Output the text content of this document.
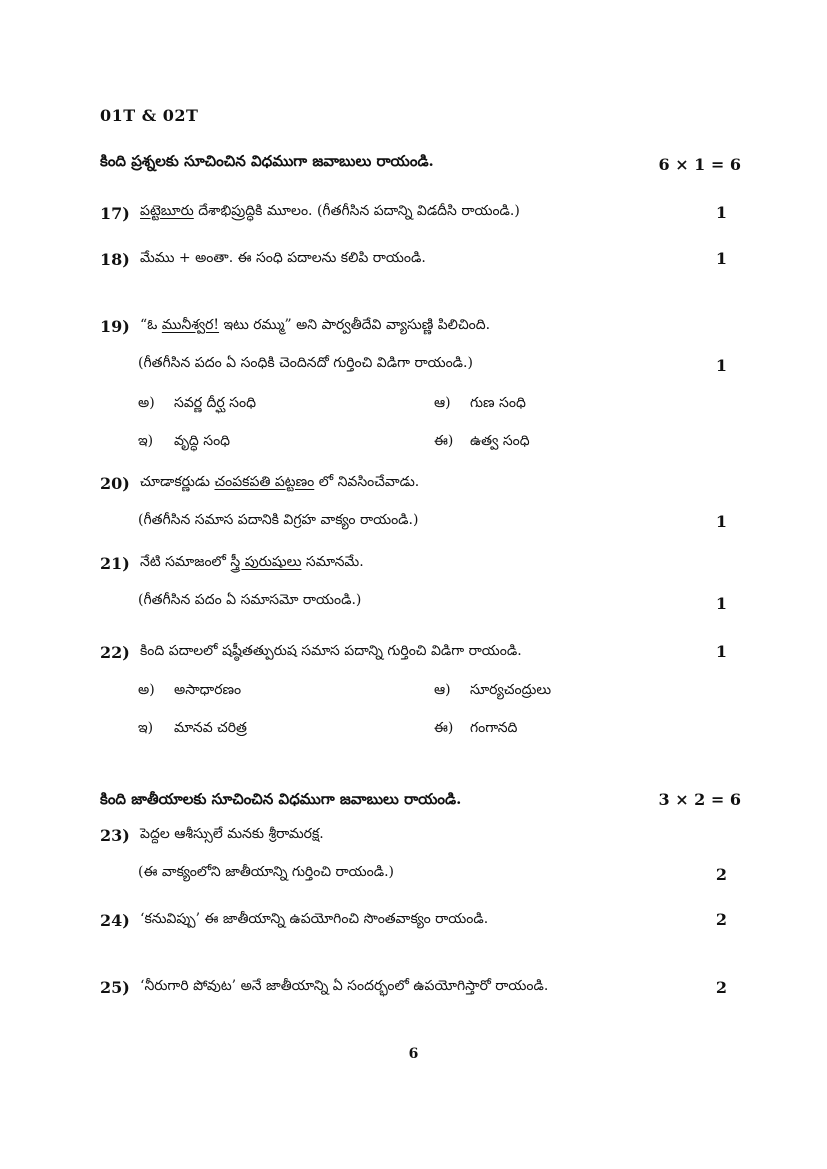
01T & 02T
కింది ప్రశ్నలకు సూచించిన విధముగా జవాబులు రాయండి.	6 × 1 = 6
17) పట్టెబూరు దేశాభిప్రుద్ధికి మూలం. (గీతగీసిన పదాన్ని విడదీసి రాయండి.)	1
18) మేము + అంతా. ఈ సంధి పదాలను కలిపి రాయండి.	1
19) “ఓ మునీశ్వర! ఇటు రమ్ము” అని పార్వతీదేవి వ్యాసుణ్ణి పిలిచింది.
(గీతగీసిన పదం ఏ సంధికి చెందినదో గుర్తించి విడిగా రాయండి.)	1
అ) సవర్ణ దీర్ఘ సంధి	ఆ) గుణ సంధి
ఇ) వృద్ధి సంధి	ఈ) ఉత్వ సంధి
20) చూడాకర్ణుడు చంపకపతి పట్టణం లో నివసించేవాడు.
(గీతగీసిన సమాస పదానికి విగ్రహ వాక్యం రాయండి.)	1
21) నేటి సమాజంలో స్త్రీ పురుషులు సమానమే.
(గీతగీసిన పదం ఏ సమాసమో రాయండి.)	1
22) కింది పదాలలో షష్ఠీతత్పురుష సమాస పదాన్ని గుర్తించి విడిగా రాయండి.	1
అ) అసాధారణం	ఆ) సూర్యచంద్రులు
ఇ) మానవ చరిత్ర	ఈ) గంగానది
కింది జాతీయాలకు సూచించిన విధముగా జవాబులు రాయండి.	3 × 2 = 6
23) పెద్దల ఆశీస్సులే మనకు శ్రీరామరక్ష.
(ఈ వాక్యంలోని జాతీయాన్ని గుర్తించి రాయండి.)	2
24) ‘కనువిప్పు’ ఈ జాతీయాన్ని ఉపయోగించి సొంతవాక్యం రాయండి.	2
25) ‘నీరుగారి పోవుట’ అనే జాతీయాన్ని ఏ సందర్భంలో ఉపయోగిస్తారో రాయండి.	2
6
